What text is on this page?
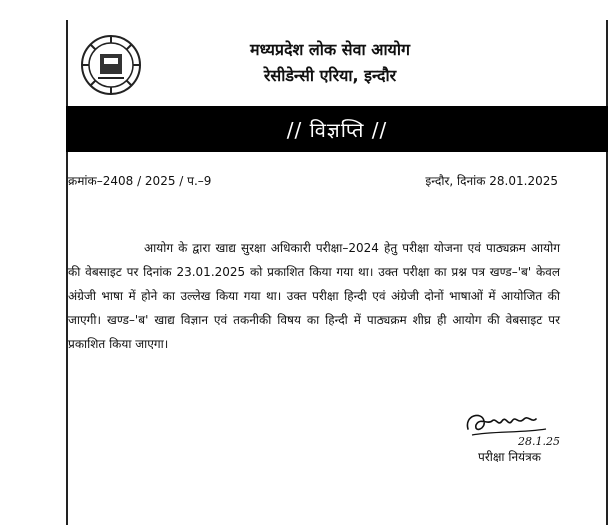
मध्यप्रदेश लोक सेवा आयोग
रेसीडेन्सी एरिया, इन्दौर
// विज्ञप्ति //
क्रमांक–2408 / 2025 / प.–9	इन्दौर, दिनांक 28.01.2025
आयोग के द्वारा खाद्य सुरक्षा अधिकारी परीक्षा–2024 हेतु परीक्षा योजना एवं पाठ्यक्रम आयोग की वेबसाइट पर दिनांक 23.01.2025 को प्रकाशित किया गया था। उक्त परीक्षा का प्रश्न पत्र खण्ड–'ब' केवल अंग्रेजी भाषा में होने का उल्लेख किया गया था। उक्त परीक्षा हिन्दी एवं अंग्रेजी दोनों भाषाओं में आयोजित की जाएगी। खण्ड–'ब' खाद्य विज्ञान एवं तकनीकी विषय का हिन्दी में पाठ्यक्रम शीघ्र ही आयोग की वेबसाइट पर प्रकाशित किया जाएगा।
28.1.25
परीक्षा नियंत्रक
